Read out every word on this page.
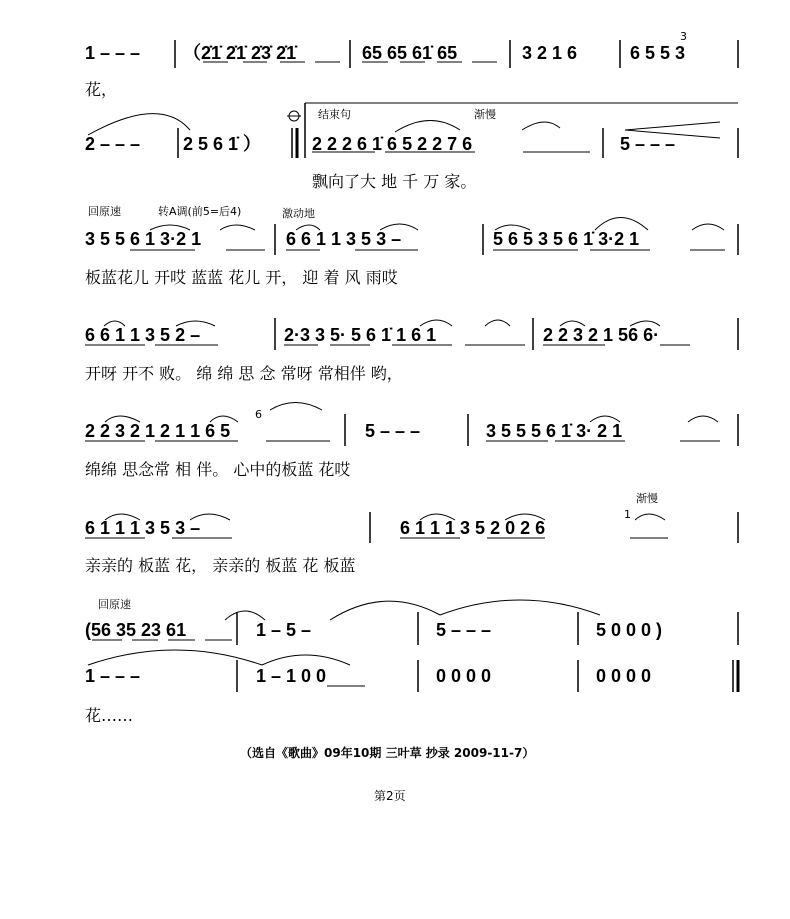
1 – – – （2̇1̇ 2̇1̇ 2̇3̇ 2̇1̇	65 65 61̇ 65	3 2 1 6	6 5 5 3
3
花，
结束句	渐慢
2 – – – 2 5 6 1̇ ）	2 2 2 6 1̇ 6 5 2 2 7 6	5 – – –
飘向了大 地 千 万 家。
回原速	转A调(前5=后4)	激动地
3 5 5 6 1 3·2 1	6 6 1 1 3 5 3 –	5 6 5 3 5 6 1̇ 3·2 1
板蓝花儿 开哎 蓝蓝 花儿 开， 迎 着 风 雨哎
6 6 1 1 3 5 2 –	2·3 3 5· 5 6 1̇ 1 6 1	2 2 3 2 1 56 6·
开呀 开不 败。 绵 绵 思 念 常呀 常相伴 哟，
2 2 3 2 1 2 1 1 6 5
6
5 – – –	3 5 5 5 6 1̇ 3· 2 1
绵绵 思念常 相 伴。 心中的板蓝 花哎
渐慢
6 1 1 1 3 5 3 –
1
6 1 1 1 3 5 2 0 2 6
亲亲的 板蓝 花， 亲亲的 板蓝 花 板蓝
回原速
(56 35 23 61	1 – 5 –	5 – – –	5 0 0 0 )
1 – – –	1 – 1 0 0	0 0 0 0	0 0 0 0
花……
（选自《歌曲》09年10期 三叶草 抄录 2009-11-7）
第2页
